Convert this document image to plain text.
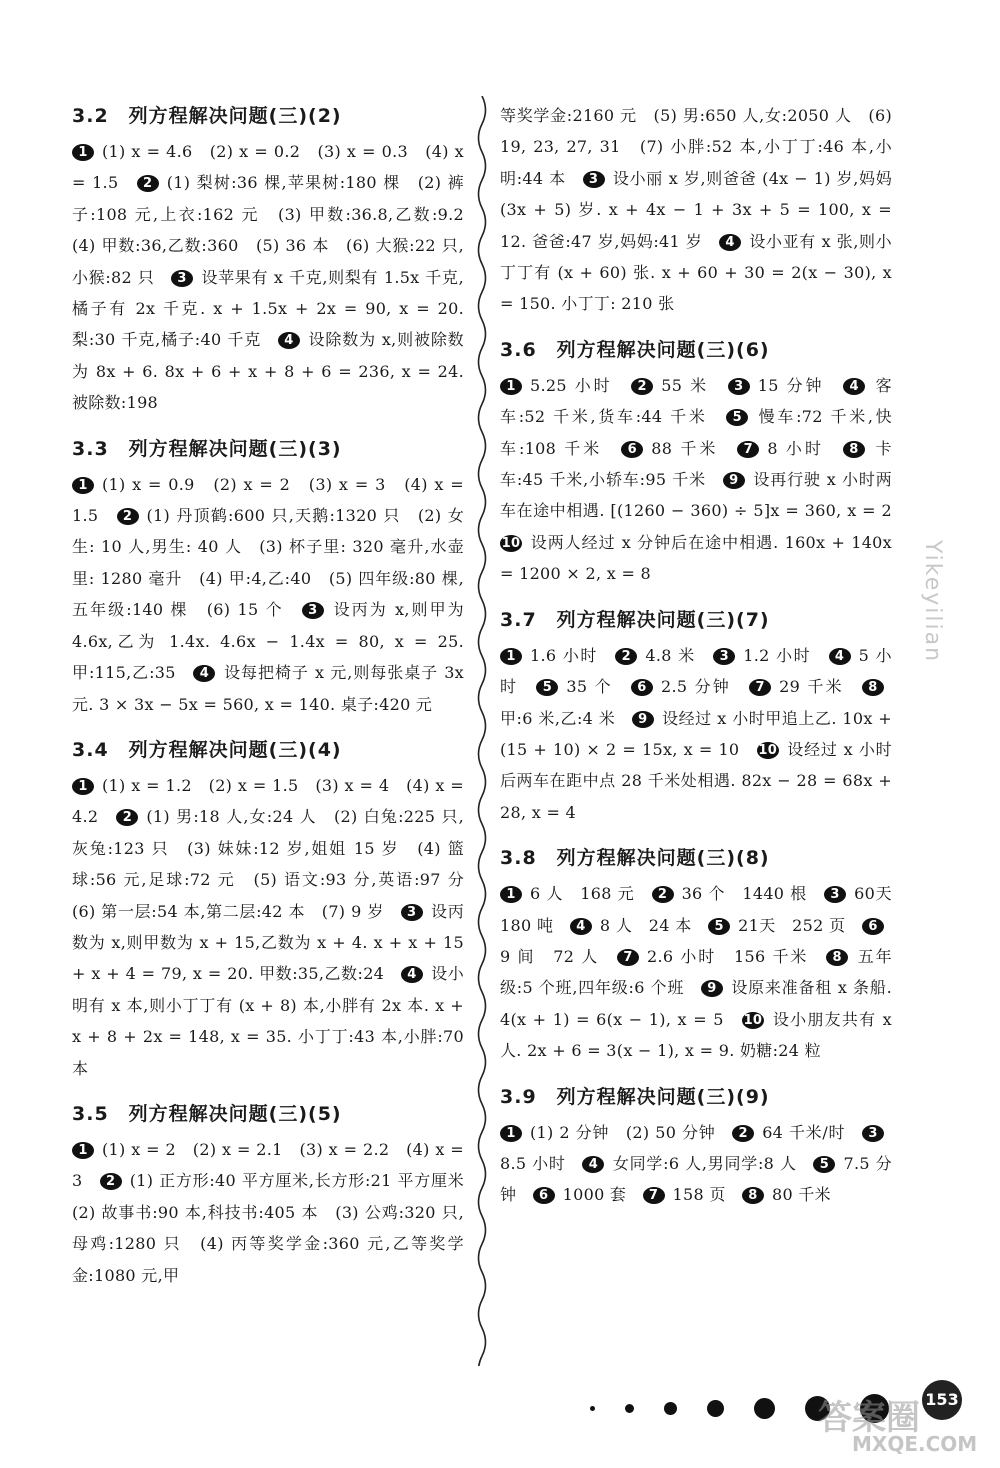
3.2　列方程解决问题(三)(2)

1 (1) x = 4.6　(2) x = 0.2　(3) x = 0.3　(4) x = 1.5　 2 (1) 梨树:36 棵,苹果树:180 棵　(2) 裤子:108 元,上衣:162 元　(3) 甲数:36.8,乙数:9.2　(4) 甲数:36,乙数:360　(5) 36 本　(6) 大猴:22 只,小猴:82 只　 3 设苹果有 x 千克,则梨有 1.5x 千克,橘子有 2x 千克. x + 1.5x + 2x = 90, x = 20. 梨:30 千克,橘子:40 千克　 4 设除数为 x,则被除数为 8x + 6. 8x + 6 + x + 8 + 6 = 236, x = 24. 被除数:198　

3.3　列方程解决问题(三)(3)

1 (1) x = 0.9　(2) x = 2　(3) x = 3　(4) x = 1.5　 2 (1) 丹顶鹤:600 只,天鹅:1320 只　(2) 女生: 10 人,男生: 40 人　(3) 杯子里: 320 毫升,水壶里: 1280 毫升　(4) 甲:4,乙:40　(5) 四年级:80 棵,五年级:140 棵　(6) 15 个　 3 设丙为 x,则甲为 4.6x,乙为 1.4x. 4.6x − 1.4x = 80, x = 25. 甲:115,乙:35　 4 设每把椅子 x 元,则每张桌子 3x 元. 3 × 3x − 5x = 560, x = 140. 桌子:420 元　

3.4　列方程解决问题(三)(4)

1 (1) x = 1.2　(2) x = 1.5　(3) x = 4　(4) x = 4.2　 2 (1) 男:18 人,女:24 人　(2) 白兔:225 只,灰兔:123 只　(3) 妹妹:12 岁,姐姐 15 岁　(4) 篮球:56 元,足球:72 元　(5) 语文:93 分,英语:97 分　(6) 第一层:54 本,第二层:42 本　(7) 9 岁　 3 设丙数为 x,则甲数为 x + 15,乙数为 x + 4. x + x + 15 + x + 4 = 79, x = 20. 甲数:35,乙数:24　 4 设小明有 x 本,则小丁丁有 (x + 8) 本,小胖有 2x 本. x + x + 8 + 2x = 148, x = 35. 小丁丁:43 本,小胖:70 本　

3.5　列方程解决问题(三)(5)

1 (1) x = 2　(2) x = 2.1　(3) x = 2.2　(4) x = 3　 2 (1) 正方形:40 平方厘米,长方形:21 平方厘米　(2) 故事书:90 本,科技书:405 本　(3) 公鸡:320 只,母鸡:1280 只　(4) 丙等奖学金:360 元,乙等奖学金:1080 元,甲　

等奖学金:2160 元　(5) 男:650 人,女:2050 人　(6) 19, 23, 27, 31　(7) 小胖:52 本,小丁丁:46 本,小明:44 本　 3 设小丽 x 岁,则爸爸 (4x − 1) 岁,妈妈 (3x + 5) 岁. x + 4x − 1 + 3x + 5 = 100, x = 12. 爸爸:47 岁,妈妈:41 岁　 4 设小亚有 x 张,则小丁丁有 (x + 60) 张. x + 60 + 30 = 2(x − 30), x = 150. 小丁丁: 210 张　

3.6　列方程解决问题(三)(6)

1 5.25 小时　 2 55 米　 3 15 分钟　 4 客车:52 千米,货车:44 千米　 5 慢车:72 千米,快车:108 千米　 6 88 千米　 7 8 小时　 8 卡车:45 千米,小轿车:95 千米　 9 设再行驶 x 小时两车在途中相遇. [(1260 − 360) ÷ 5]x = 360, x = 2　10 设两人经过 x 分钟后在途中相遇. 160x + 140x = 1200 × 2, x = 8　

3.7　列方程解决问题(三)(7)

1 1.6 小时　 2 4.8 米　 3 1.2 小时　 4 5 小时　 5 35 个　 6 2.5 分钟　 7 29 千米　 8甲:6 米,乙:4 米　 9 设经过 x 小时甲追上乙. 10x + (15 + 10) × 2 = 15x, x = 10　 10 设经过 x 小时后两车在距中点 28 千米处相遇. 82x − 28 = 68x + 28, x = 4　

3.8　列方程解决问题(三)(8)

1 6 人　168 元　 2 36 个　1440 根　 3 60天　180 吨　 4 8 人　24 本　 5 21天　252 页　 69 间　72 人　 7 2.6 小时　156 千米　 8 五年级:5 个班,四年级:6 个班　 9 设原来准备租 x 条船. 4(x + 1) = 6(x − 1), x = 5　 10 设小朋友共有 x 人. 2x + 6 = 3(x − 1), x = 9. 奶糖:24 粒　

3.9　列方程解决问题(三)(9)

1 (1) 2 分钟　(2) 50 分钟　 2 64 千米/时　 38.5 小时　 4 女同学:6 人,男同学:8 人　 5 7.5 分钟　 6 1000 套　 7 158 页　 8 80 千米　

Yikeyilian
答案圈
MXQE.COM
153
